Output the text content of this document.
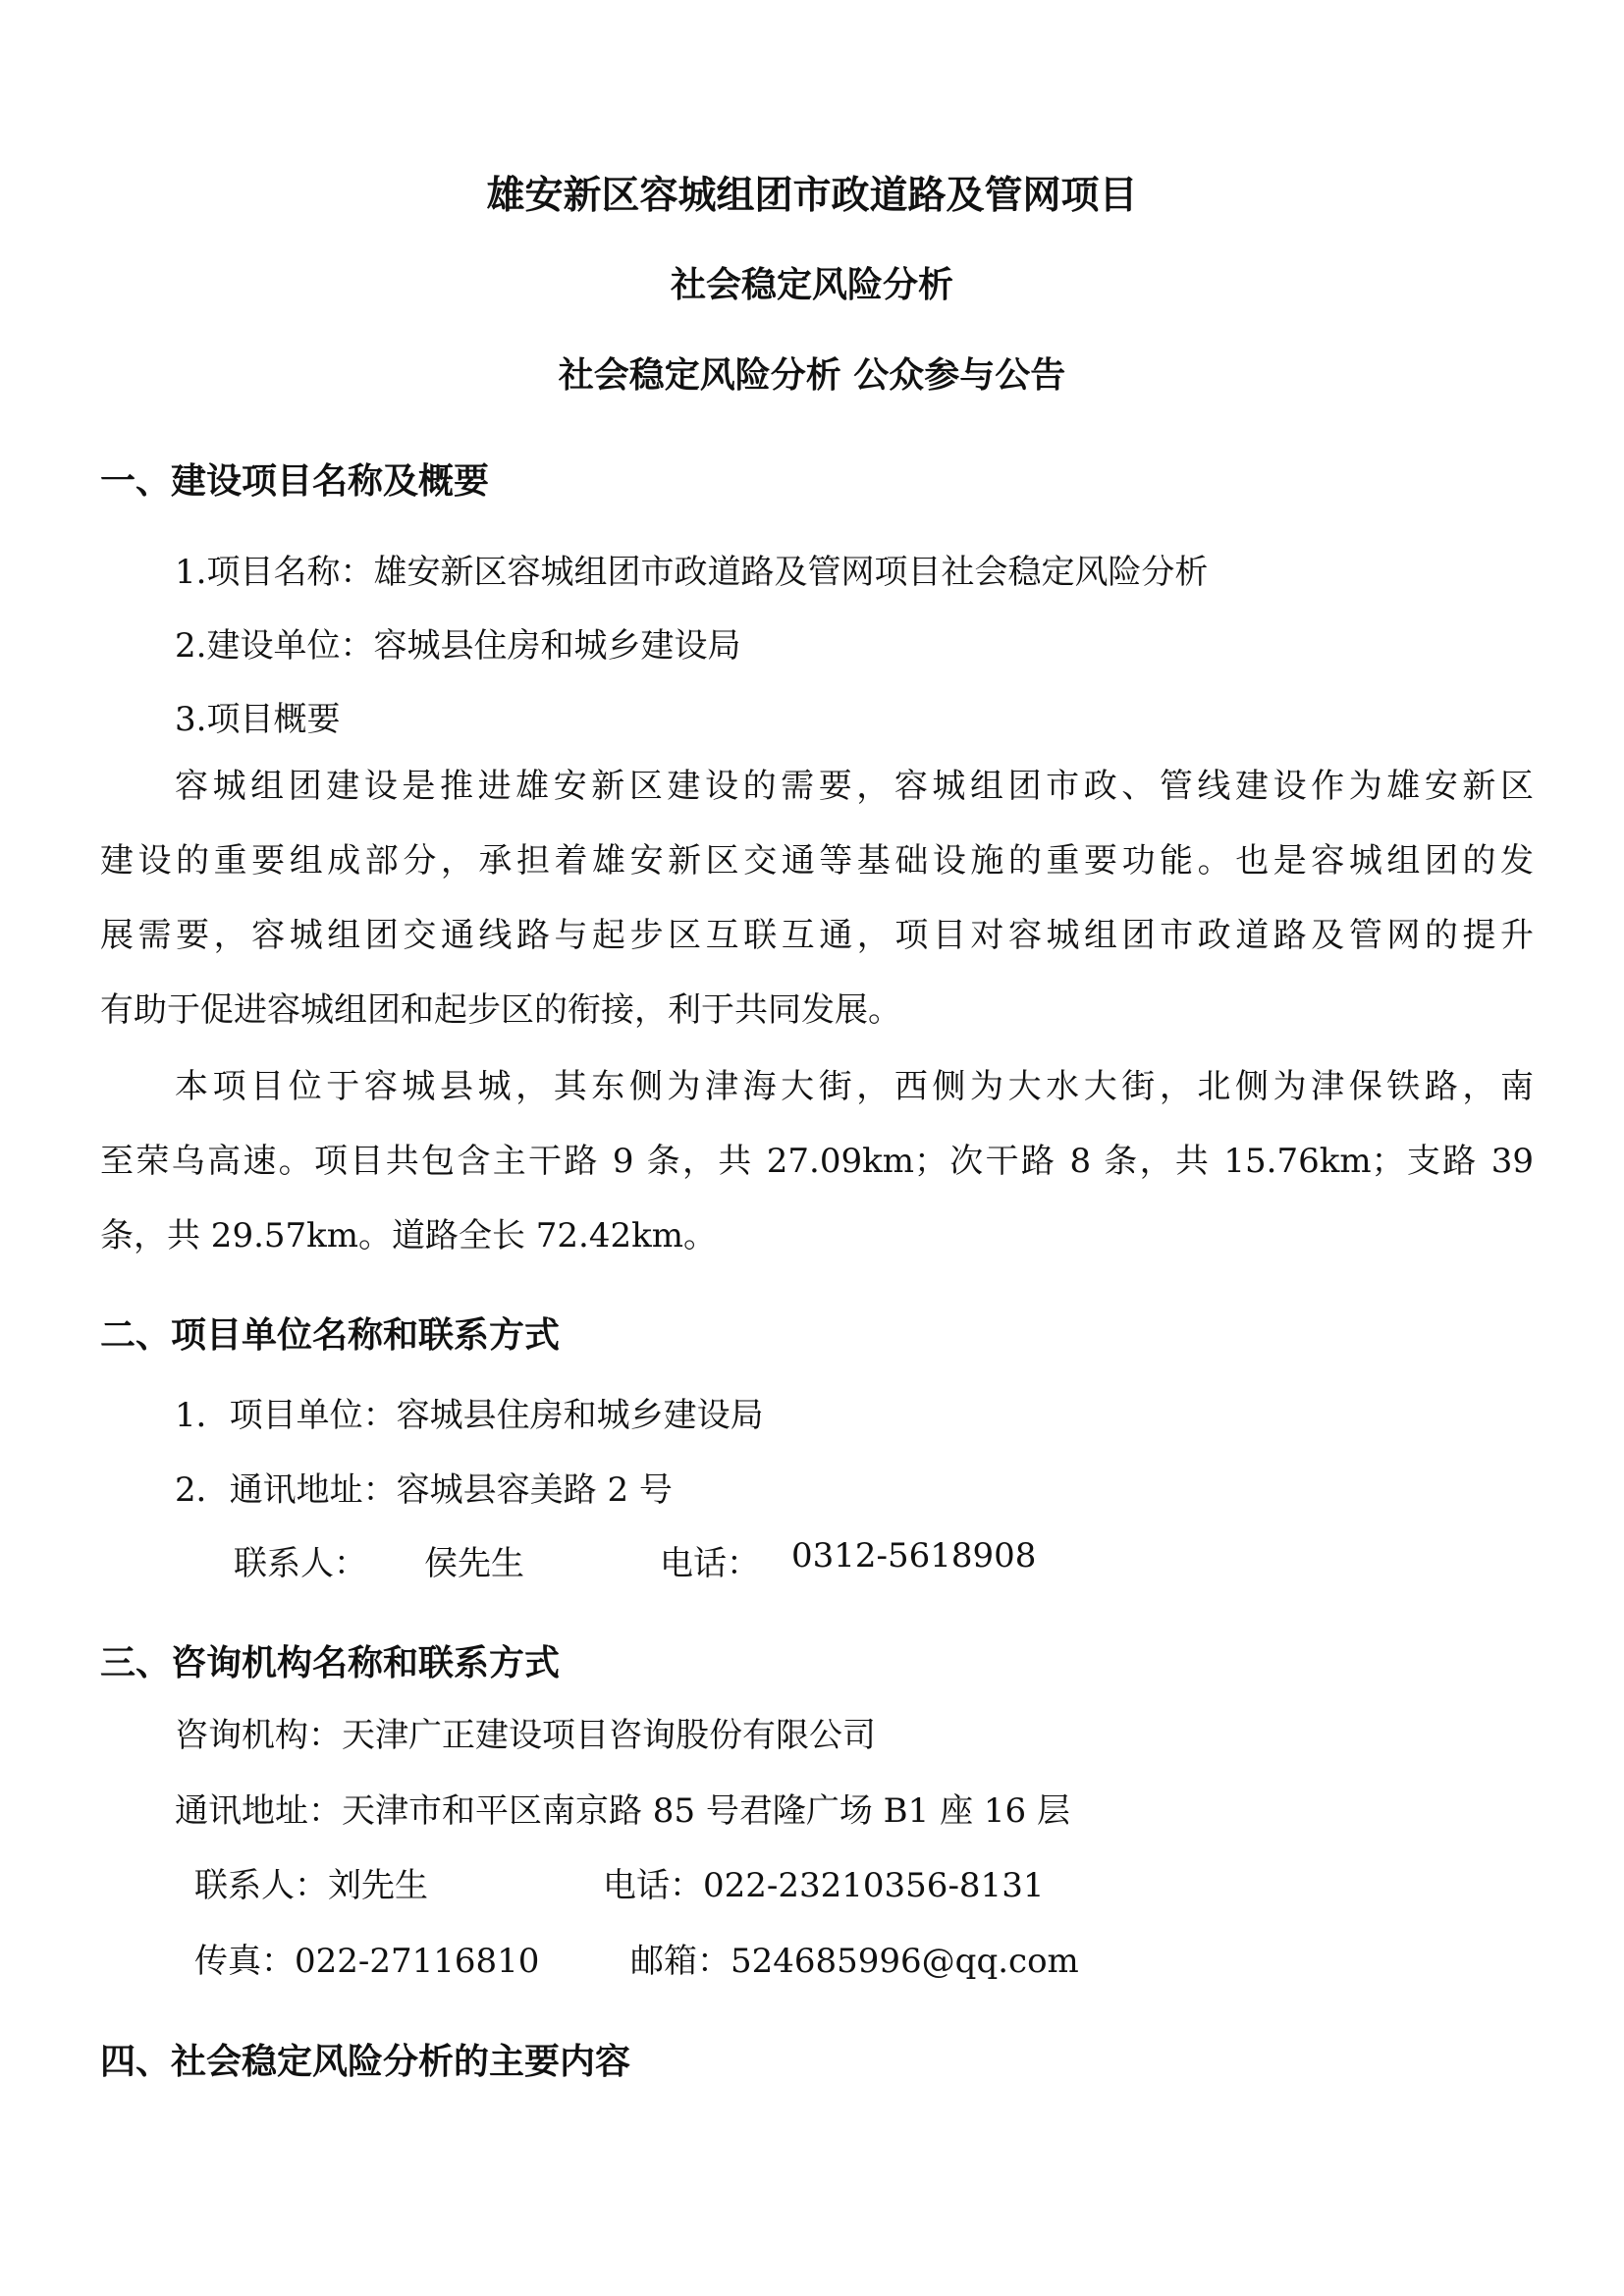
雄安新区容城组团市政道路及管网项目
社会稳定风险分析
社会稳定风险分析 公众参与公告
一、建设项目名称及概要
1.项目名称：雄安新区容城组团市政道路及管网项目社会稳定风险分析
2.建设单位：容城县住房和城乡建设局
3.项目概要
容城组团建设是推进雄安新区建设的需要，容城组团市政、管线建设作为雄安新区
建设的重要组成部分，承担着雄安新区交通等基础设施的重要功能。也是容城组团的发
展需要，容城组团交通线路与起步区互联互通，项目对容城组团市政道路及管网的提升
有助于促进容城组团和起步区的衔接，利于共同发展。
本项目位于容城县城，其东侧为津海大街，西侧为大水大街，北侧为津保铁路，南
至荣乌高速。项目共包含主干路 9 条，共 27.09km；次干路 8 条，共 15.76km；支路 39
条，共 29.57km。道路全长 72.42km。
二、项目单位名称和联系方式
1．项目单位：容城县住房和城乡建设局
2．通讯地址：容城县容美路 2 号
联系人： 侯先生	电话： 0312-5618908
三、咨询机构名称和联系方式
咨询机构：天津广正建设项目咨询股份有限公司
通讯地址：天津市和平区南京路 85 号君隆广场 B1 座 16 层
联系人：刘先生	电话：022-23210356-8131
传真：022-27116810	邮箱：524685996@qq.com
四、社会稳定风险分析的主要内容
